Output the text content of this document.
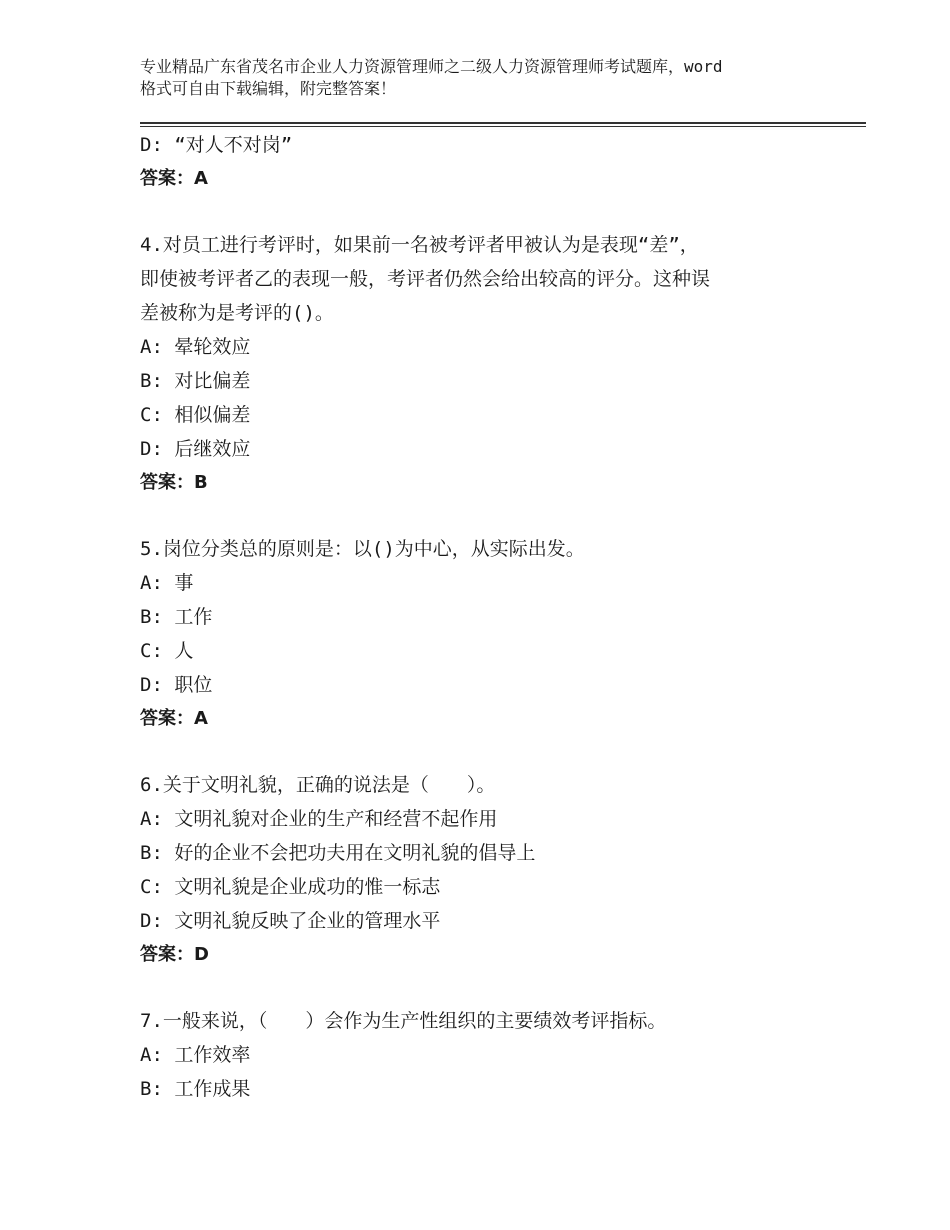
专业精品广东省茂名市企业人力资源管理师之二级人力资源管理师考试题库，word
格式可自由下载编辑，附完整答案！
D: “对人不对岗”
答案：A
4.对员工进行考评时，如果前一名被考评者甲被认为是表现“差”，
即使被考评者乙的表现一般，考评者仍然会给出较高的评分。这种误
差被称为是考评的()。
A: 晕轮效应
B: 对比偏差
C: 相似偏差
D: 后继效应
答案：B
5.岗位分类总的原则是：以()为中心，从实际出发。
A: 事
B: 工作
C: 人
D: 职位
答案：A
6.关于文明礼貌，正确的说法是（　　）。
A: 文明礼貌对企业的生产和经营不起作用
B: 好的企业不会把功夫用在文明礼貌的倡导上
C: 文明礼貌是企业成功的惟一标志
D: 文明礼貌反映了企业的管理水平
答案：D
7.一般来说，（　　）会作为生产性组织的主要绩效考评指标。
A: 工作效率
B: 工作成果
